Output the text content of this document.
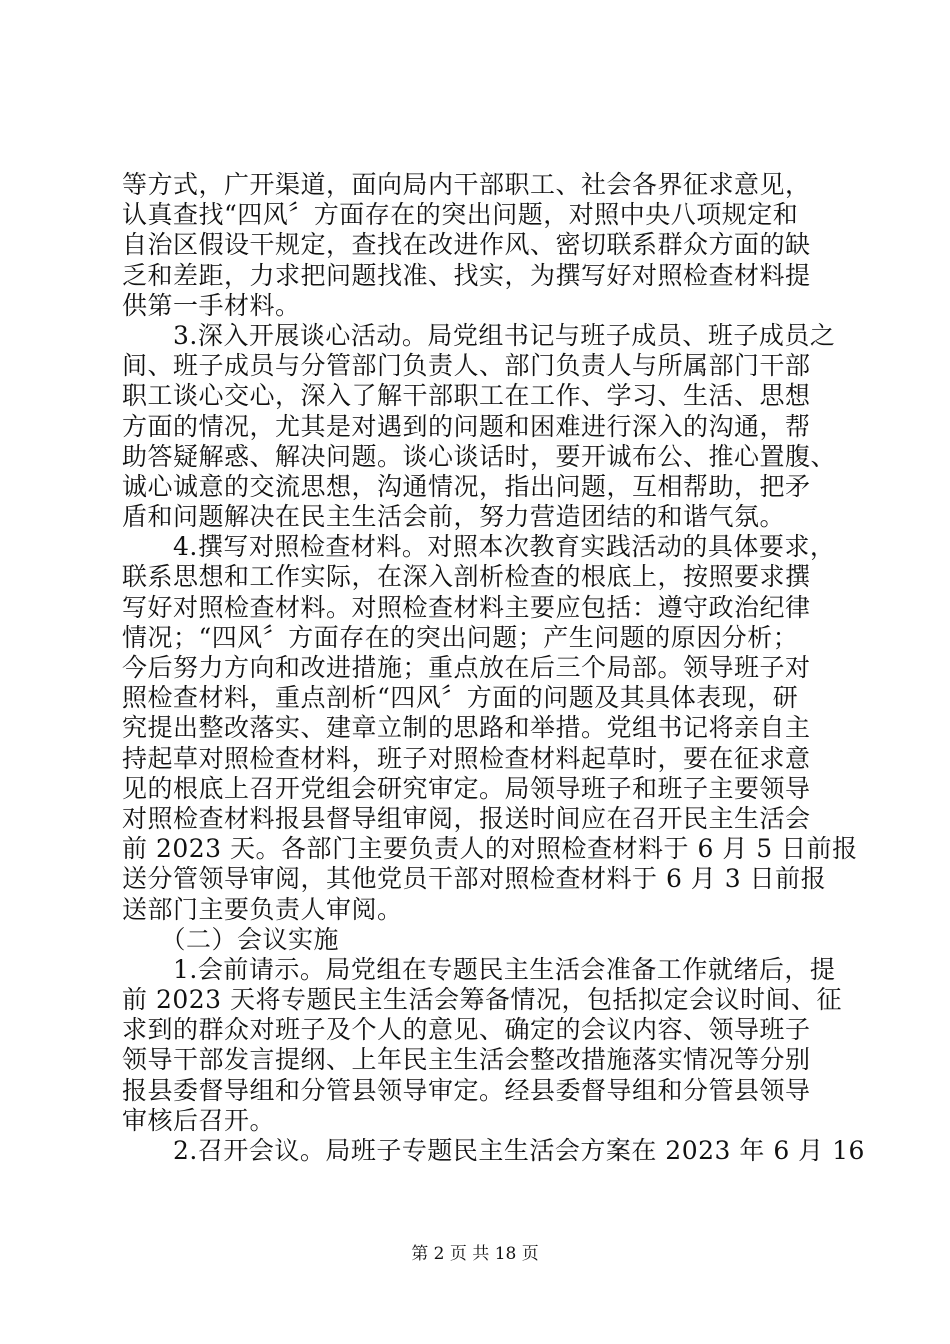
等方式，广开渠道，面向局内干部职工、社会各界征求意见，
认真查找“四风〞方面存在的突出问题，对照中央八项规定和
自治区假设干规定，查找在改进作风、密切联系群众方面的缺
乏和差距，力求把问题找准、找实，为撰写好对照检查材料提
供第一手材料。
　　3.深入开展谈心活动。局党组书记与班子成员、班子成员之
间、班子成员与分管部门负责人、部门负责人与所属部门干部
职工谈心交心，深入了解干部职工在工作、学习、生活、思想
方面的情况，尤其是对遇到的问题和困难进行深入的沟通，帮
助答疑解惑、解决问题。谈心谈话时，要开诚布公、推心置腹、
诚心诚意的交流思想，沟通情况，指出问题，互相帮助，把矛
盾和问题解决在民主生活会前，努力营造团结的和谐气氛。
　　4.撰写对照检查材料。对照本次教育实践活动的具体要求，
联系思想和工作实际，在深入剖析检查的根底上，按照要求撰
写好对照检查材料。对照检查材料主要应包括：遵守政治纪律
情况；“四风〞方面存在的突出问题；产生问题的原因分析；
今后努力方向和改进措施；重点放在后三个局部。领导班子对
照检查材料，重点剖析“四风〞方面的问题及其具体表现，研
究提出整改落实、建章立制的思路和举措。党组书记将亲自主
持起草对照检查材料，班子对照检查材料起草时，要在征求意
见的根底上召开党组会研究审定。局领导班子和班子主要领导
对照检查材料报县督导组审阅，报送时间应在召开民主生活会
前 2023 天。各部门主要负责人的对照检查材料于 6 月 5 日前报
送分管领导审阅，其他党员干部对照检查材料于 6 月 3 日前报
送部门主要负责人审阅。
　　（二）会议实施
　　1.会前请示。局党组在专题民主生活会准备工作就绪后，提
前 2023 天将专题民主生活会筹备情况，包括拟定会议时间、征
求到的群众对班子及个人的意见、确定的会议内容、领导班子
领导干部发言提纲、上年民主生活会整改措施落实情况等分别
报县委督导组和分管县领导审定。经县委督导组和分管县领导
审核后召开。
　　2.召开会议。局班子专题民主生活会方案在 2023 年 6 月 16
第 2 页 共 18 页
